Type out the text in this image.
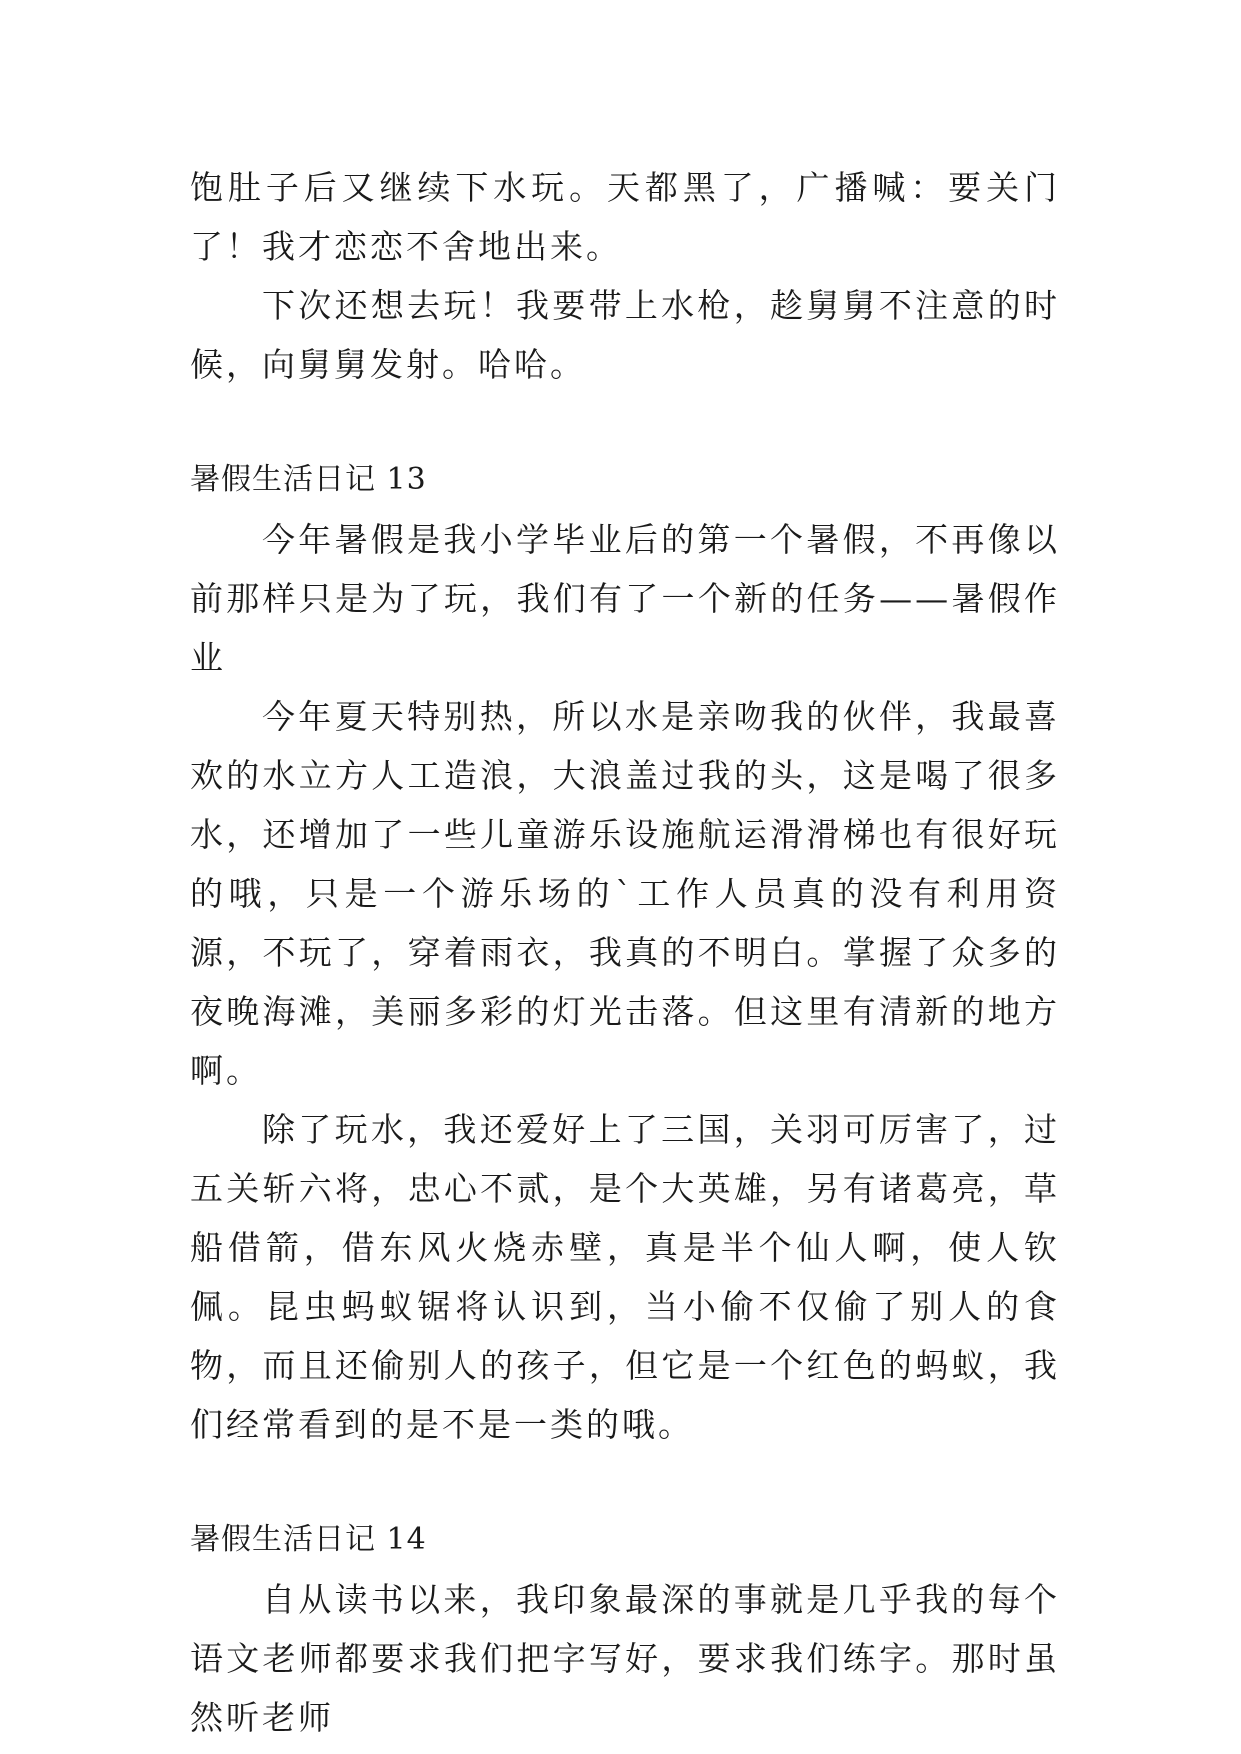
饱肚子后又继续下水玩。天都黑了，广播喊：要关门了！我才恋恋不舍地出来。

下次还想去玩！我要带上水枪，趁舅舅不注意的时候，向舅舅发射。哈哈。

暑假生活日记 13

今年暑假是我小学毕业后的第一个暑假，不再像以前那样只是为了玩，我们有了一个新的任务——暑假作业

今年夏天特别热，所以水是亲吻我的伙伴，我最喜欢的水立方人工造浪，大浪盖过我的头，这是喝了很多水，还增加了一些儿童游乐设施航运滑滑梯也有很好玩的哦，只是一个游乐场的`工作人员真的没有利用资源，不玩了，穿着雨衣，我真的不明白。掌握了众多的夜晚海滩，美丽多彩的灯光击落。但这里有清新的地方啊。

除了玩水，我还爱好上了三国，关羽可厉害了，过五关斩六将，忠心不贰，是个大英雄，另有诸葛亮，草船借箭，借东风火烧赤壁，真是半个仙人啊，使人钦佩。昆虫蚂蚁锯将认识到，当小偷不仅偷了别人的食物，而且还偷别人的孩子，但它是一个红色的蚂蚁，我们经常看到的是不是一类的哦。

暑假生活日记 14

自从读书以来，我印象最深的事就是几乎我的每个语文老师都要求我们把字写好，要求我们练字。那时虽然听老师
